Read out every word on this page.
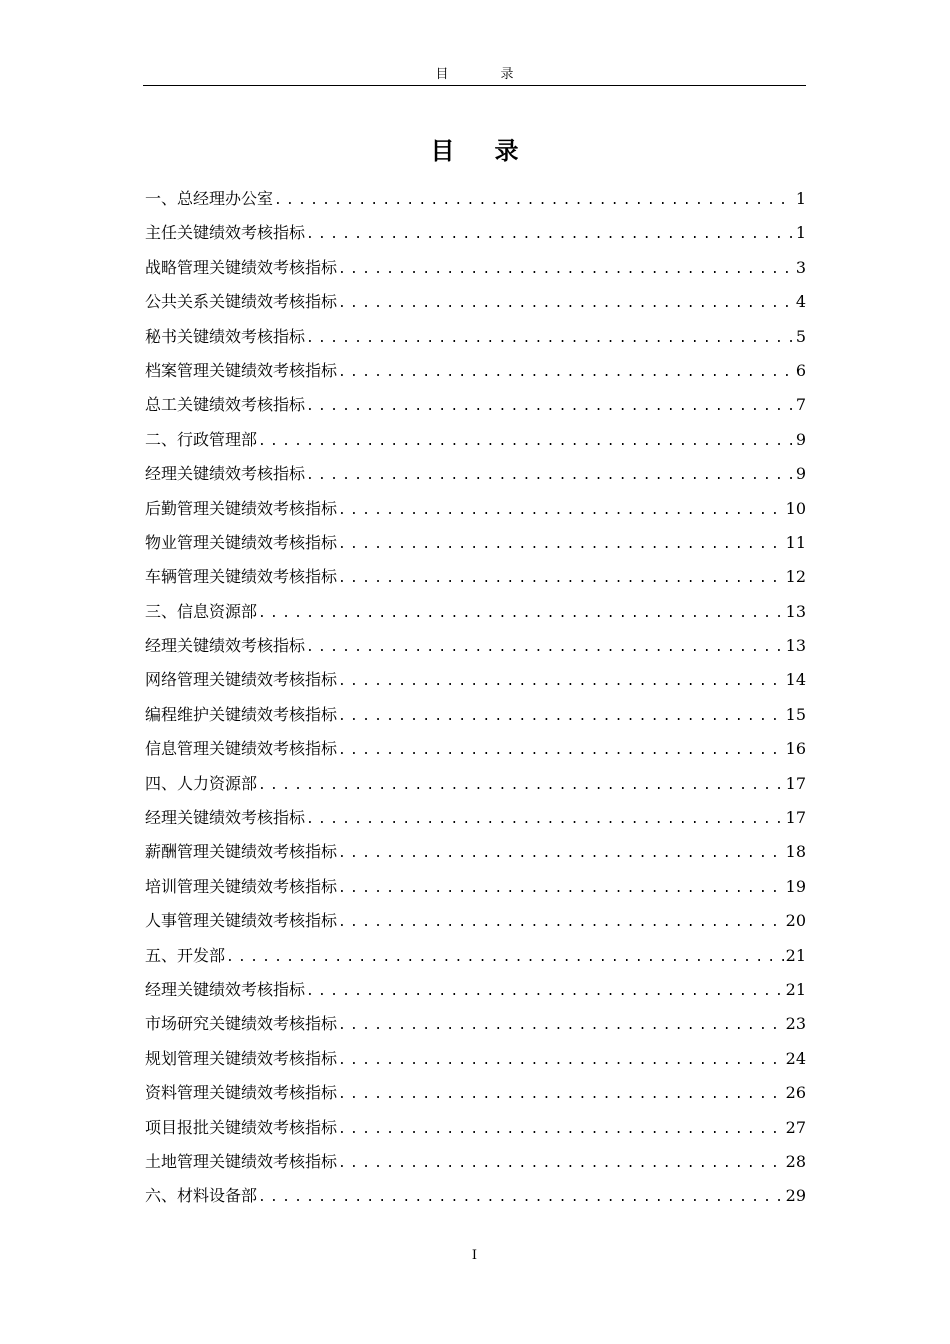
目录
目录
一、总经理办公室 .....	1
主任关键绩效考核指标 .....	1
战略管理关键绩效考核指标 .....	3
公共关系关键绩效考核指标 .....	4
秘书关键绩效考核指标 .....	5
档案管理关键绩效考核指标 .....	6
总工关键绩效考核指标 .....	7
二、行政管理部 .....	9
经理关键绩效考核指标 .....	9
后勤管理关键绩效考核指标 .....	10
物业管理关键绩效考核指标 .....	11
车辆管理关键绩效考核指标 .....	12
三、信息资源部 .....	13
经理关键绩效考核指标 .....	13
网络管理关键绩效考核指标 .....	14
编程维护关键绩效考核指标 .....	15
信息管理关键绩效考核指标 .....	16
四、人力资源部 .....	17
经理关键绩效考核指标 .....	17
薪酬管理关键绩效考核指标 .....	18
培训管理关键绩效考核指标 .....	19
人事管理关键绩效考核指标 .....	20
五、开发部 .....	21
经理关键绩效考核指标 .....	21
市场研究关键绩效考核指标 .....	23
规划管理关键绩效考核指标 .....	24
资料管理关键绩效考核指标 .....	26
项目报批关键绩效考核指标 .....	27
土地管理关键绩效考核指标 .....	28
六、材料设备部 .....	29
I
